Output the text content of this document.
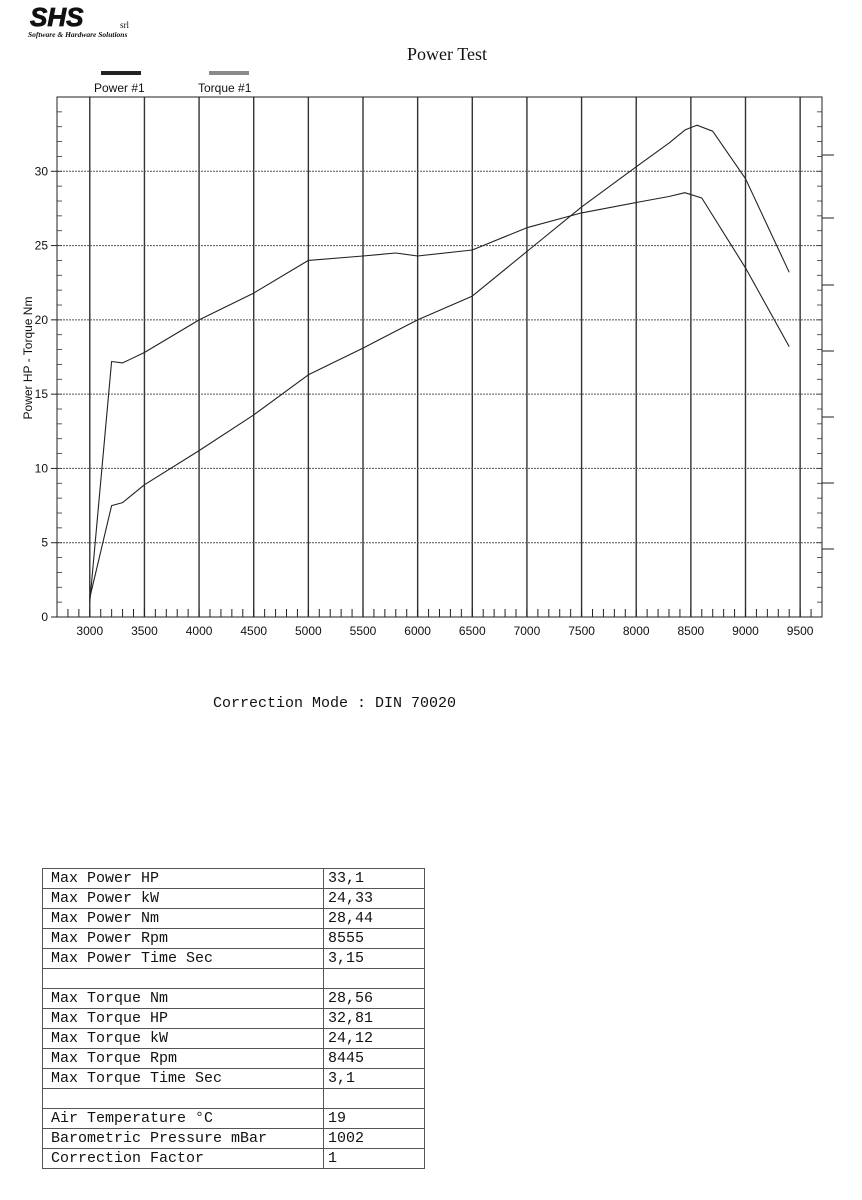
SHS	srl
Software & Hardware Solutions
Power Test
3000 3500 4000 4500 5000 5500 6000 6500 7000 7500 8000 8500 9000 9500
0
5
10
15
20
25
30
Power #1	Torque #1
Power HP - Torque Nm
Correction Mode : DIN 70020
Max Power HP	33,1
Max Power kW	24,33
Max Power Nm	28,44
Max Power Rpm	8555
Max Power Time Sec	3,15

Max Torque Nm	28,56
Max Torque HP	32,81
Max Torque kW	24,12
Max Torque Rpm	8445
Max Torque Time Sec	3,1

Air Temperature °C	19
Barometric Pressure mBar	1002
Correction Factor	1
